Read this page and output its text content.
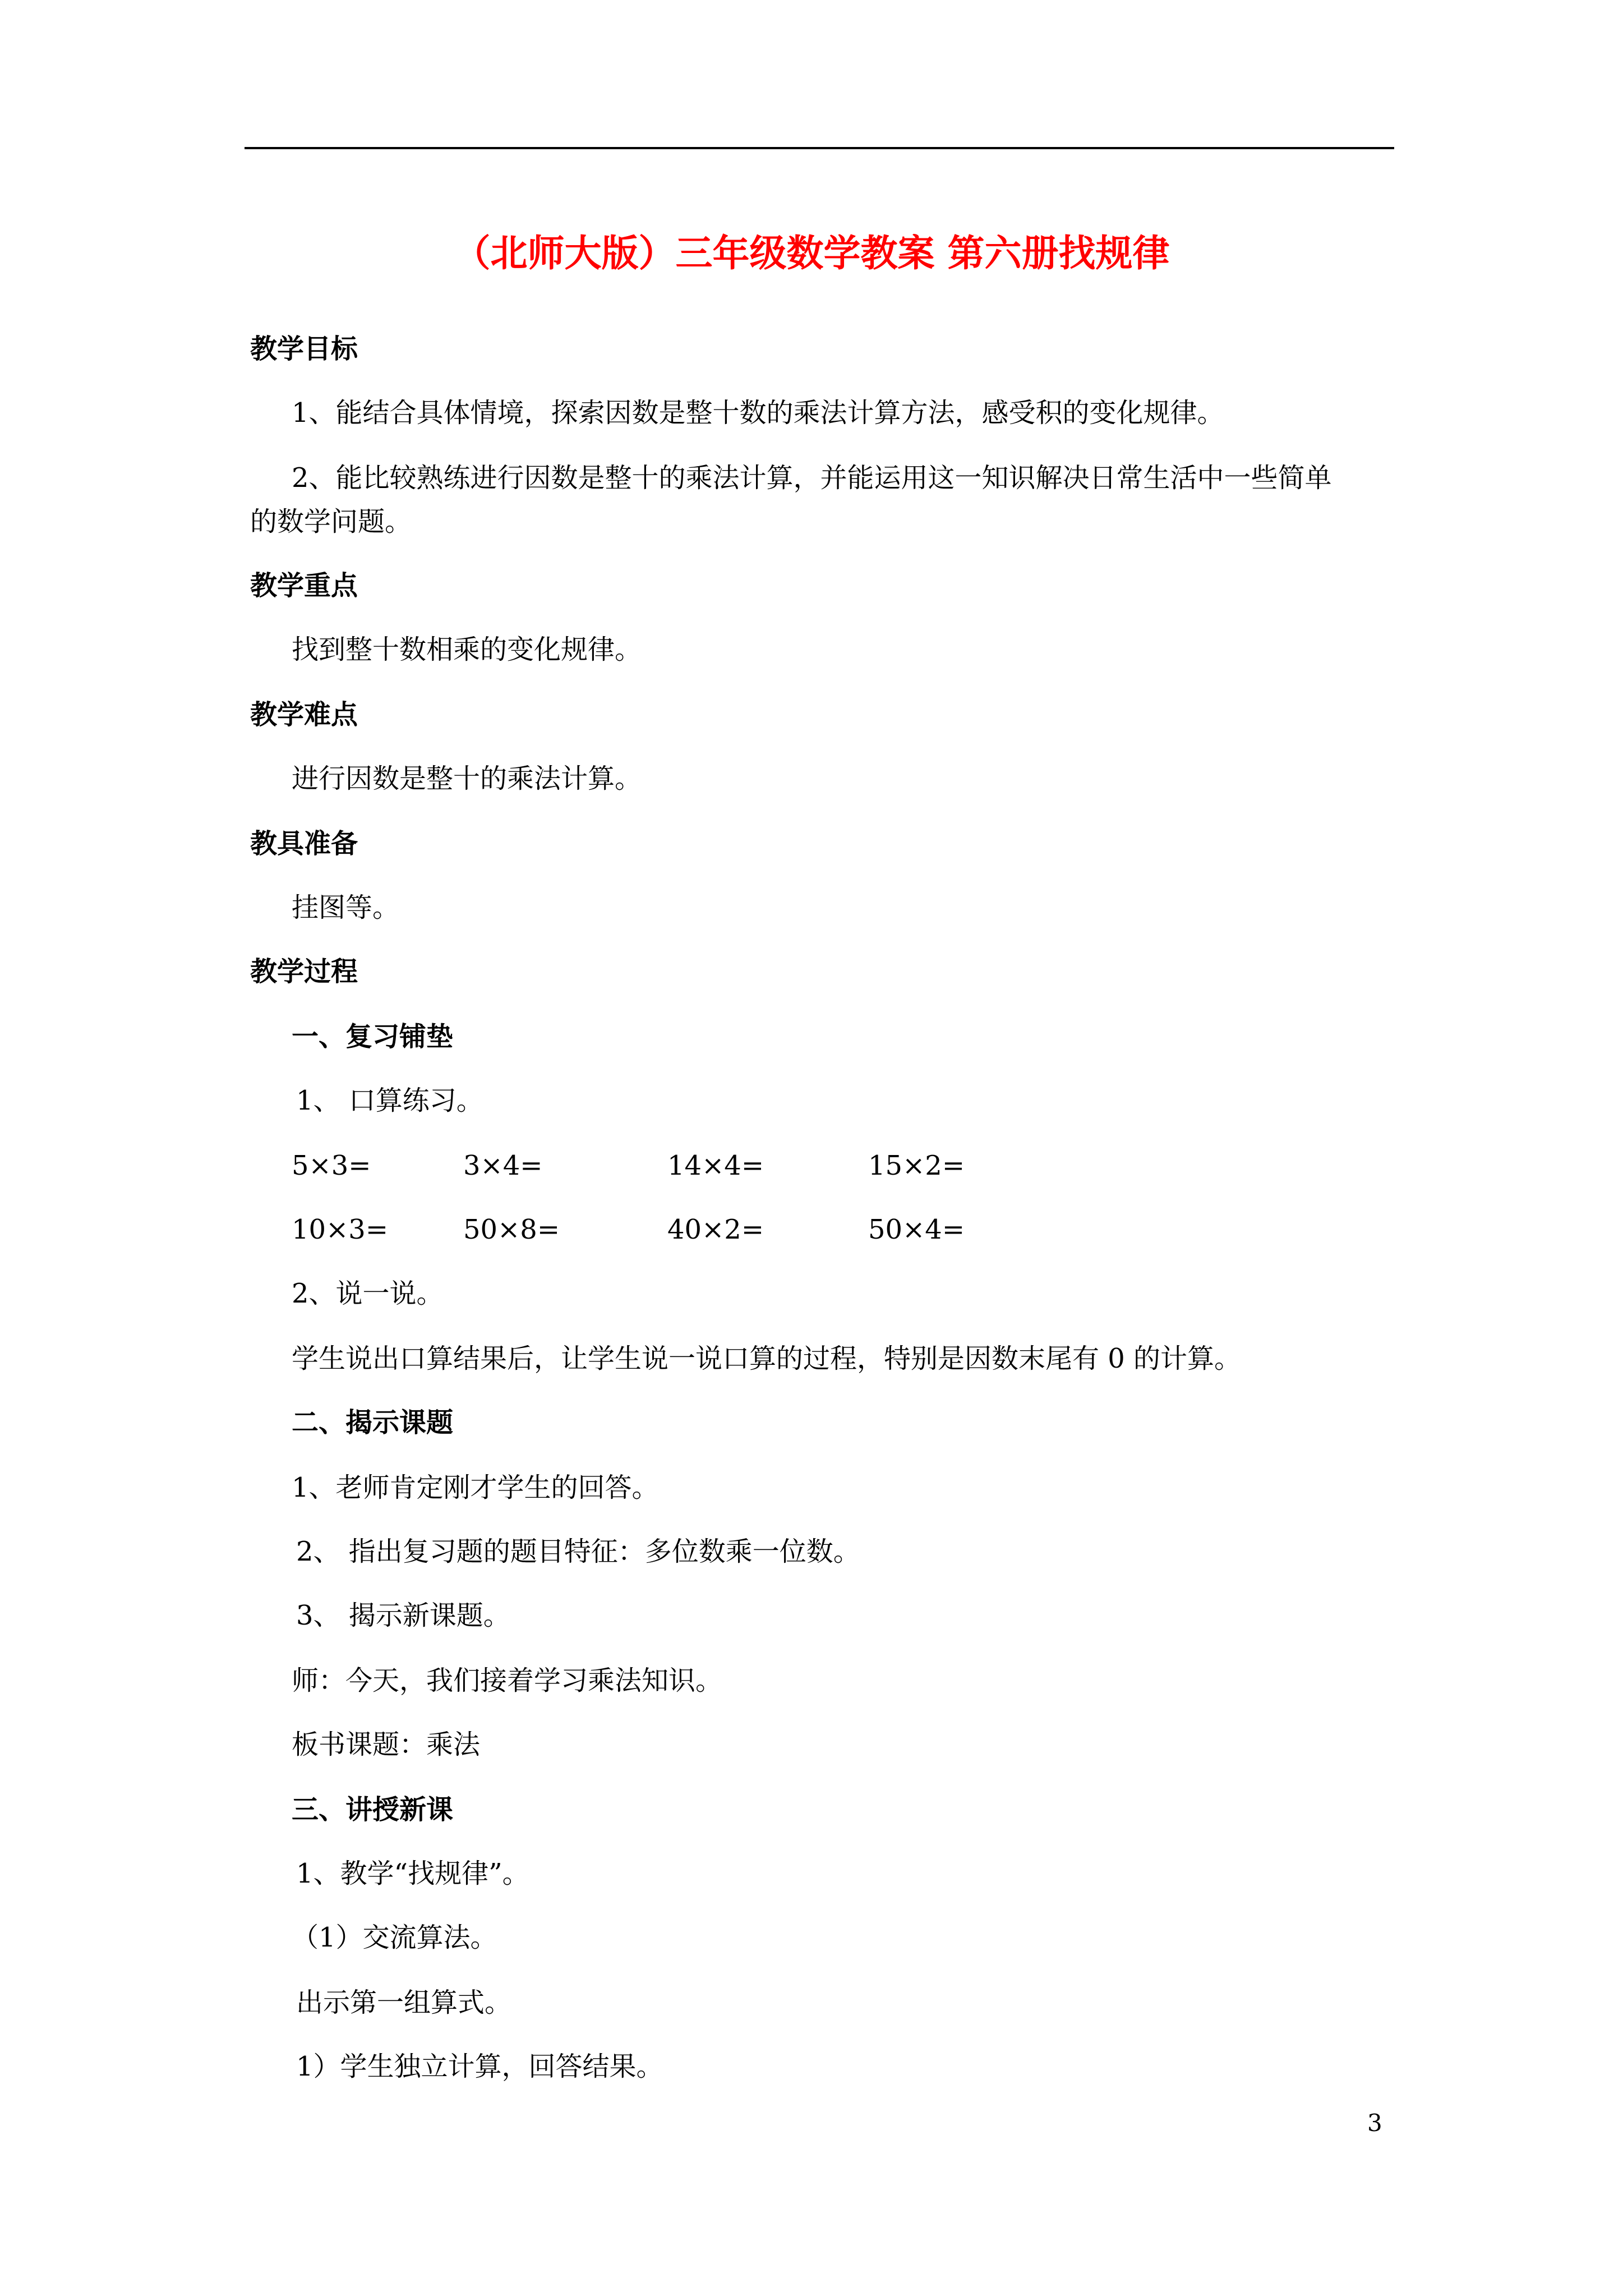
（北师大版）三年级数学教案 第六册找规律
教学目标
1、能结合具体情境，探索因数是整十数的乘法计算方法，感受积的变化规律。
2、能比较熟练进行因数是整十的乘法计算，并能运用这一知识解决日常生活中一些简单
的数学问题。
教学重点
找到整十数相乘的变化规律。
教学难点
进行因数是整十的乘法计算。
教具准备
挂图等。
教学过程
一、复习铺垫
1、 口算练习。
5×3=	3×4=	14×4=	15×2=
10×3=	50×8=	40×2=	50×4=
2、说一说。
学生说出口算结果后，让学生说一说口算的过程，特别是因数末尾有 0 的计算。
二、揭示课题
1、老师肯定刚才学生的回答。
2、 指出复习题的题目特征：多位数乘一位数。
3、 揭示新课题。
师：今天，我们接着学习乘法知识。
板书课题：乘法
三、讲授新课
1、教学“找规律”。
（1）交流算法。
出示第一组算式。
1）学生独立计算，回答结果。
3
